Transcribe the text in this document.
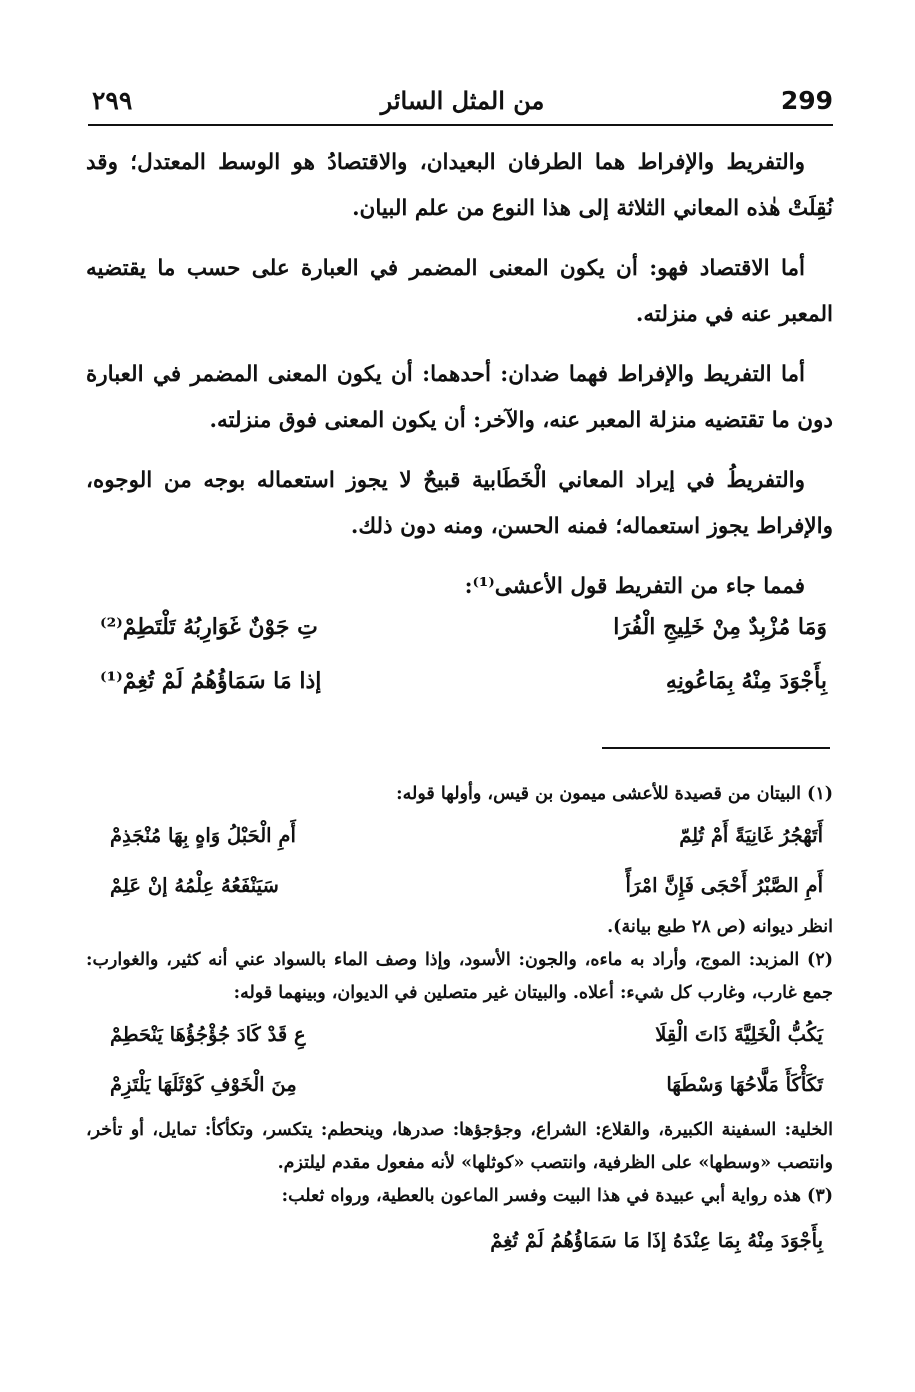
299
من المثل السائر
٢٩٩

والتفريط والإفراط هما الطرفان البعيدان، والاقتصادُ هو الوسط المعتدل؛ وقد نُقِلَتْ هٰذه المعاني الثلاثة إلى هذا النوع من علم البيان.

أما الاقتصاد فهو: أن يكون المعنى المضمر في العبارة على حسب ما يقتضيه المعبر عنه في منزلته.

أما التفريط والإفراط فهما ضدان: أحدهما: أن يكون المعنى المضمر في العبارة دون ما تقتضيه منزلة المعبر عنه، والآخر: أن يكون المعنى فوق منزلته.

والتفريطُ في إيراد المعاني الْخَطَابية قبيحٌ لا يجوز استعماله بوجه من الوجوه، والإفراط يجوز استعماله؛ فمنه الحسن، ومنه دون ذلك.

فمما جاء من التفريط قول الأعشى⁽¹⁾:

وَمَا مُزْبِدٌ مِنْ خَلِيجِ الْفُرَا
تِ جَوْنٌ غَوَارِبُهُ تَلْتَطِمْ⁽²⁾
بِأَجْوَدَ مِنْهُ بِمَاعُونِهِ
إذا مَا سَمَاؤُهُمُ لَمْ تُغِمْ⁽¹⁾

(١) البيتان من قصيدة للأعشى ميمون بن قيس، وأولها قوله:

أَتَهْجُرُ غَانِيَةً أَمْ تُلِمّ
أَمِ الْحَبْلُ وَاهٍ بِهَا مُنْجَذِمْ
أَمِ الصَّبْرُ أَحْجَى فَإِنَّ امْرَأً
سَيَنْفَعُهُ عِلْمُهُ إنْ عَلِمْ

انظر ديوانه (ص ٢٨ طبع بيانة).

(٢) المزبد: الموج، وأراد به ماءه، والجون: الأسود، وإذا وصف الماء بالسواد عني أنه كثير، والغوارب: جمع غارب، وغارب كل شيء: أعلاه. والبيتان غير متصلين في الديوان، وبينهما قوله:

يَكُبُّ الْخَلِيَّةَ ذَاتَ الْقِلَا
عِ قَدْ كَادَ جُؤْجُؤُهَا يَنْحَطِمْ
تَكَأْكَأَ مَلَّاحُهَا وَسْطَهَا
مِنَ الْخَوْفِ كَوْثَلَهَا يَلْتَزِمْ

الخلية: السفينة الكبيرة، والقلاع: الشراع، وجؤجؤها: صدرها، وينحطم: يتكسر، وتكأكأ: تمايل، أو تأخر، وانتصب «وسطها» على الظرفية، وانتصب «كوثلها» لأنه مفعول مقدم ليلتزم.

(٣) هذه رواية أبي عبيدة في هذا البيت وفسر الماعون بالعطية، ورواه ثعلب:

بِأَجْوَدَ مِنْهُ بِمَا عِنْدَهُ إذَا مَا سَمَاؤُهُمُ لَمْ تُغِمْ
